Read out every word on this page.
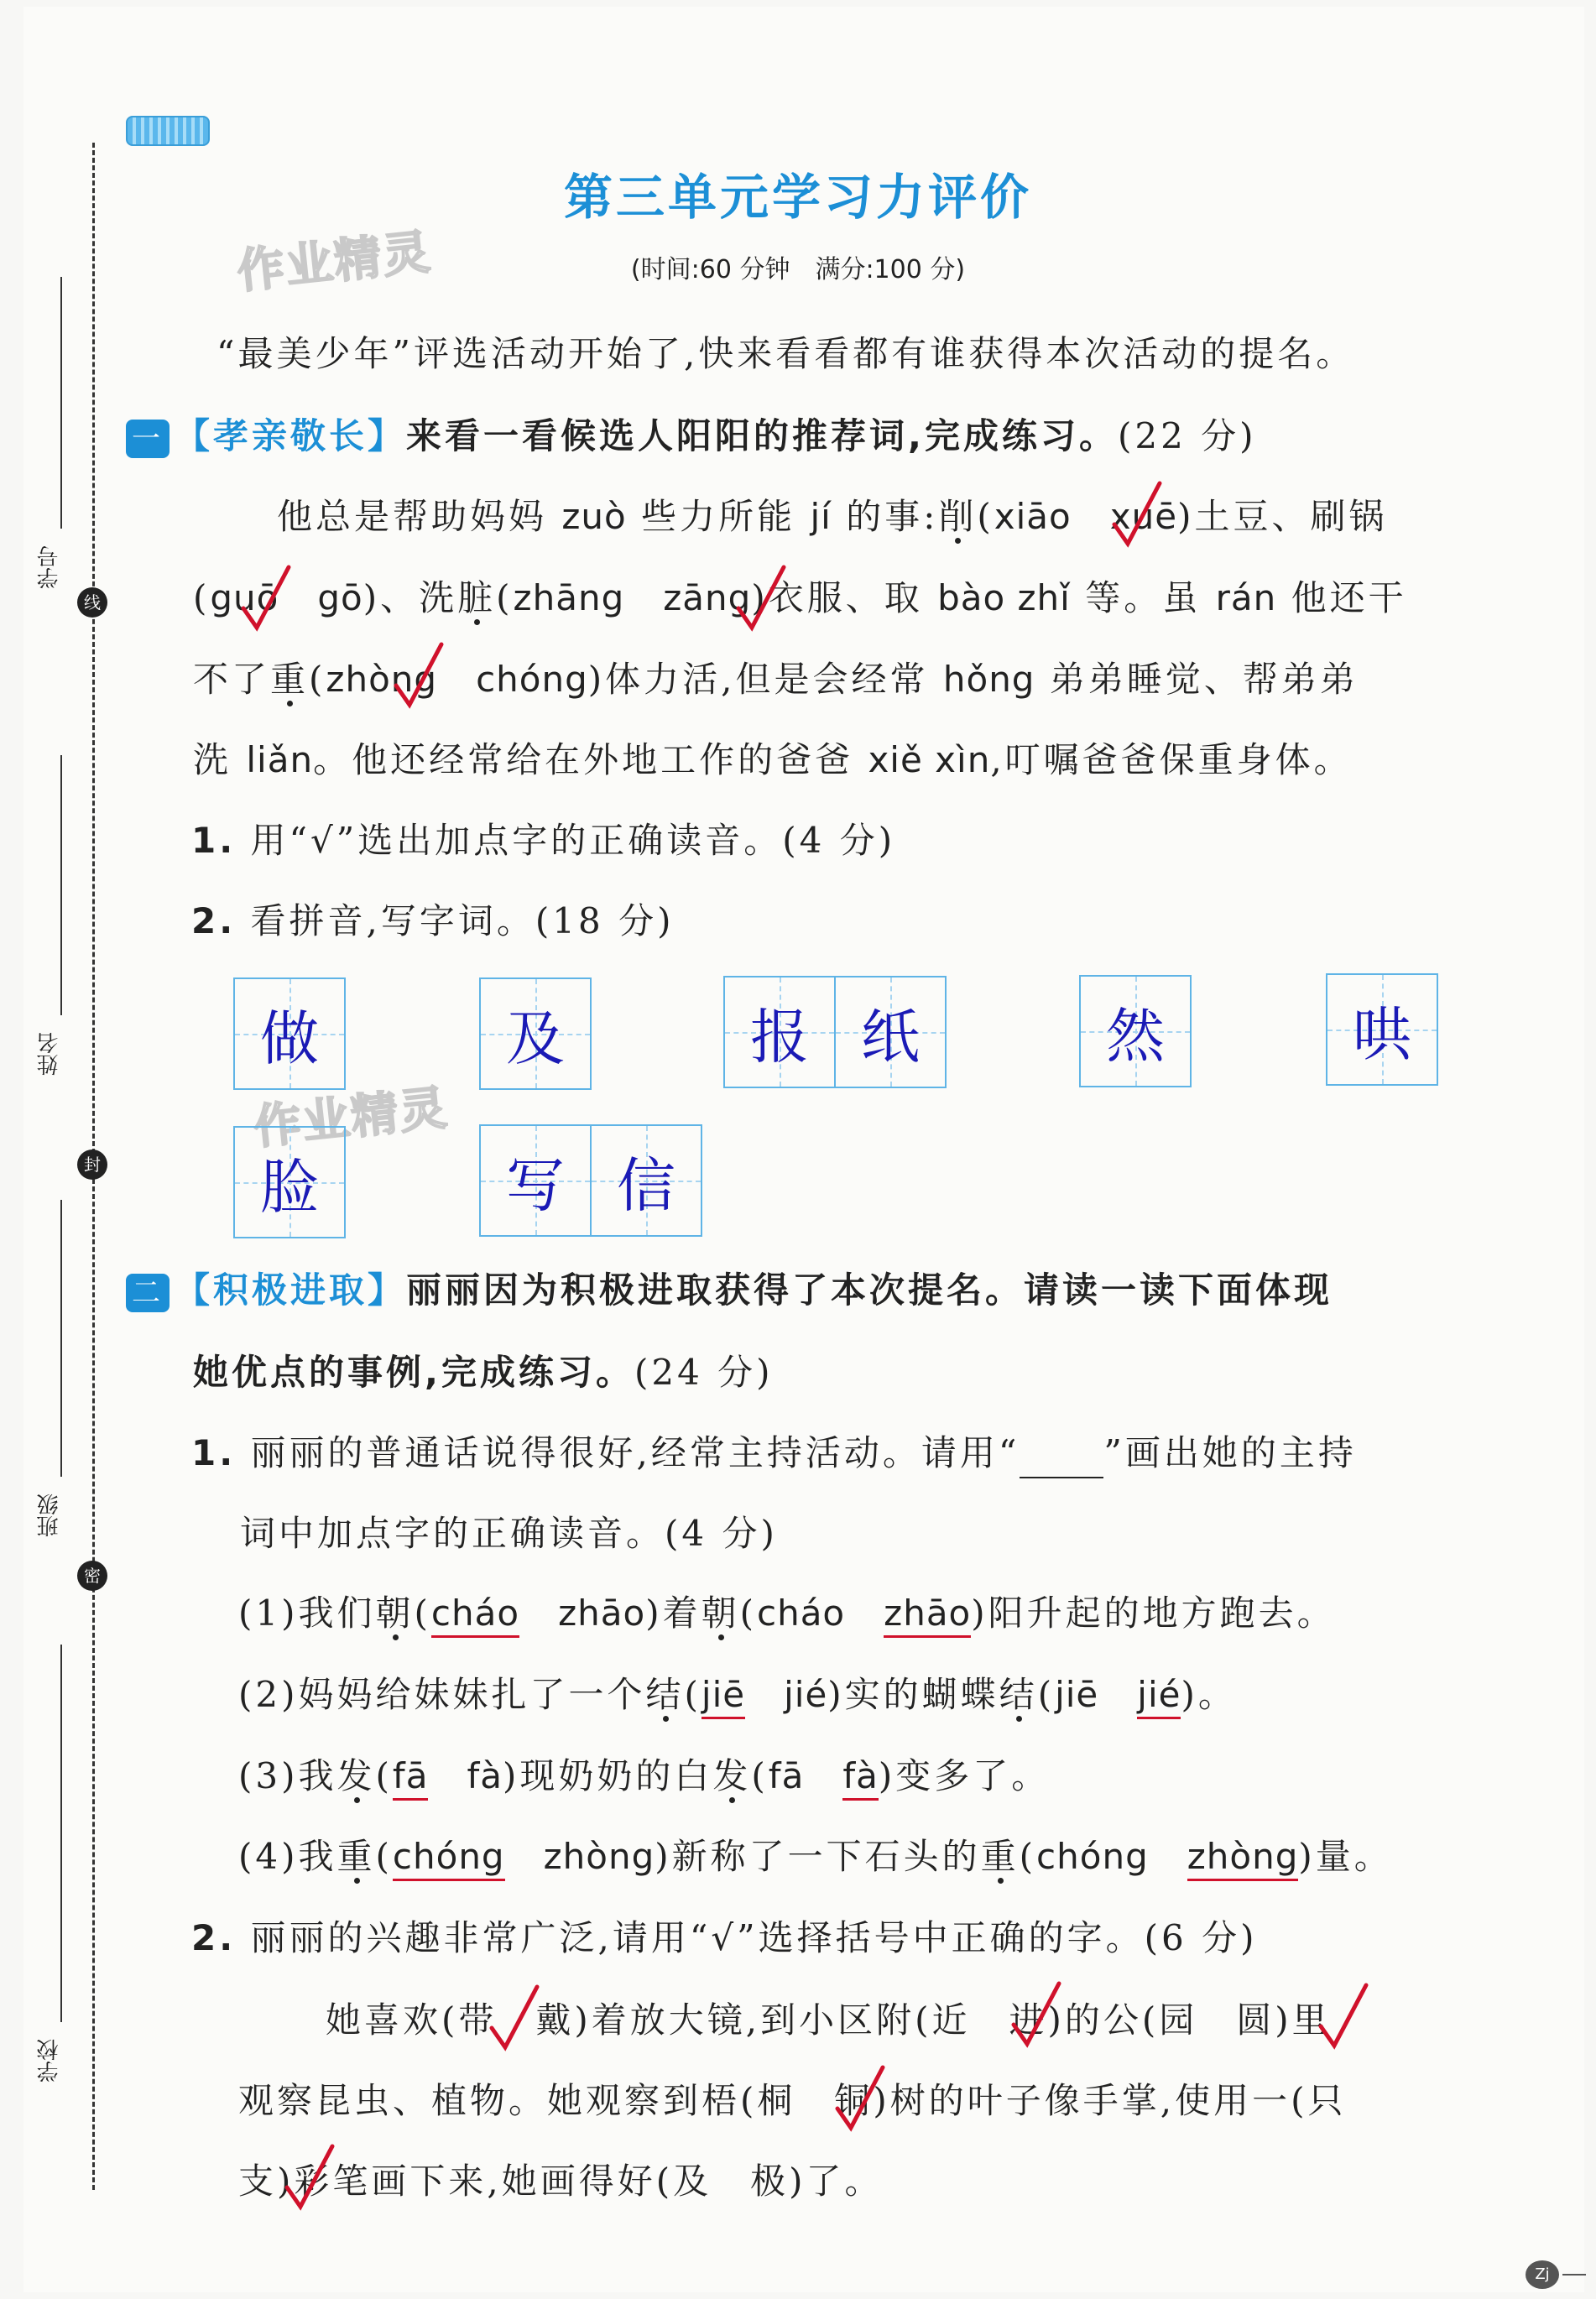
学号
线
姓名
封
班级
密
学校
作业精灵
作业精灵
第三单元学习力评价
(时间:60 分钟　满分:100 分)
“最美少年”评选活动开始了,快来看看都有谁获得本次活动的提名。
一 【孝亲敬长】来看一看候选人阳阳的推荐词,完成练习。(22 分)
他总是帮助妈妈 zuò 些力所能 jí 的事:削(xiāo　 xuē)土豆、刷锅
(guō　 gō)、洗脏(zhāng　 zāng)衣服、取 bào zhǐ 等。虽 rán 他还干
不了重(zhòng　 chóng)体力活,但是会经常 hǒng 弟弟睡觉、帮弟弟
洗 liǎn。他还经常给在外地工作的爸爸 xiě xìn,叮嘱爸爸保重身体。
1. 用“√”选出加点字的正确读音。(4 分)
2. 看拼音,写字词。(18 分)
做	及	报 纸	然	哄
脸	写 信
二 【积极进取】丽丽因为积极进取获得了本次提名。请读一读下面体现
她优点的事例,完成练习。(24 分)
1. 丽丽的普通话说得很好,经常主持活动。请用“ ”画出她的主持
词中加点字的正确读音。(4 分)
(1)我们朝(cháo　 zhāo)着朝(cháo　 zhāo)阳升起的地方跑去。
(2)妈妈给妹妹扎了一个结(jiē　 jié)实的蝴蝶结(jiē　 jié)。
(3)我发(fā　 fà)现奶奶的白发(fā　 fà)变多了。
(4)我重(chóng　 zhòng)新称了一下石头的重(chóng　 zhòng)量。
2. 丽丽的兴趣非常广泛,请用“√”选择括号中正确的字。(6 分)
她喜欢(带　戴)着放大镜,到小区附(近　进)的公(园　圆)里
观察昆虫、植物。她观察到梧(桐　铜)树的叶子像手掌,使用一(只
支)彩笔画下来,她画得好(及　极)了。
Zj
